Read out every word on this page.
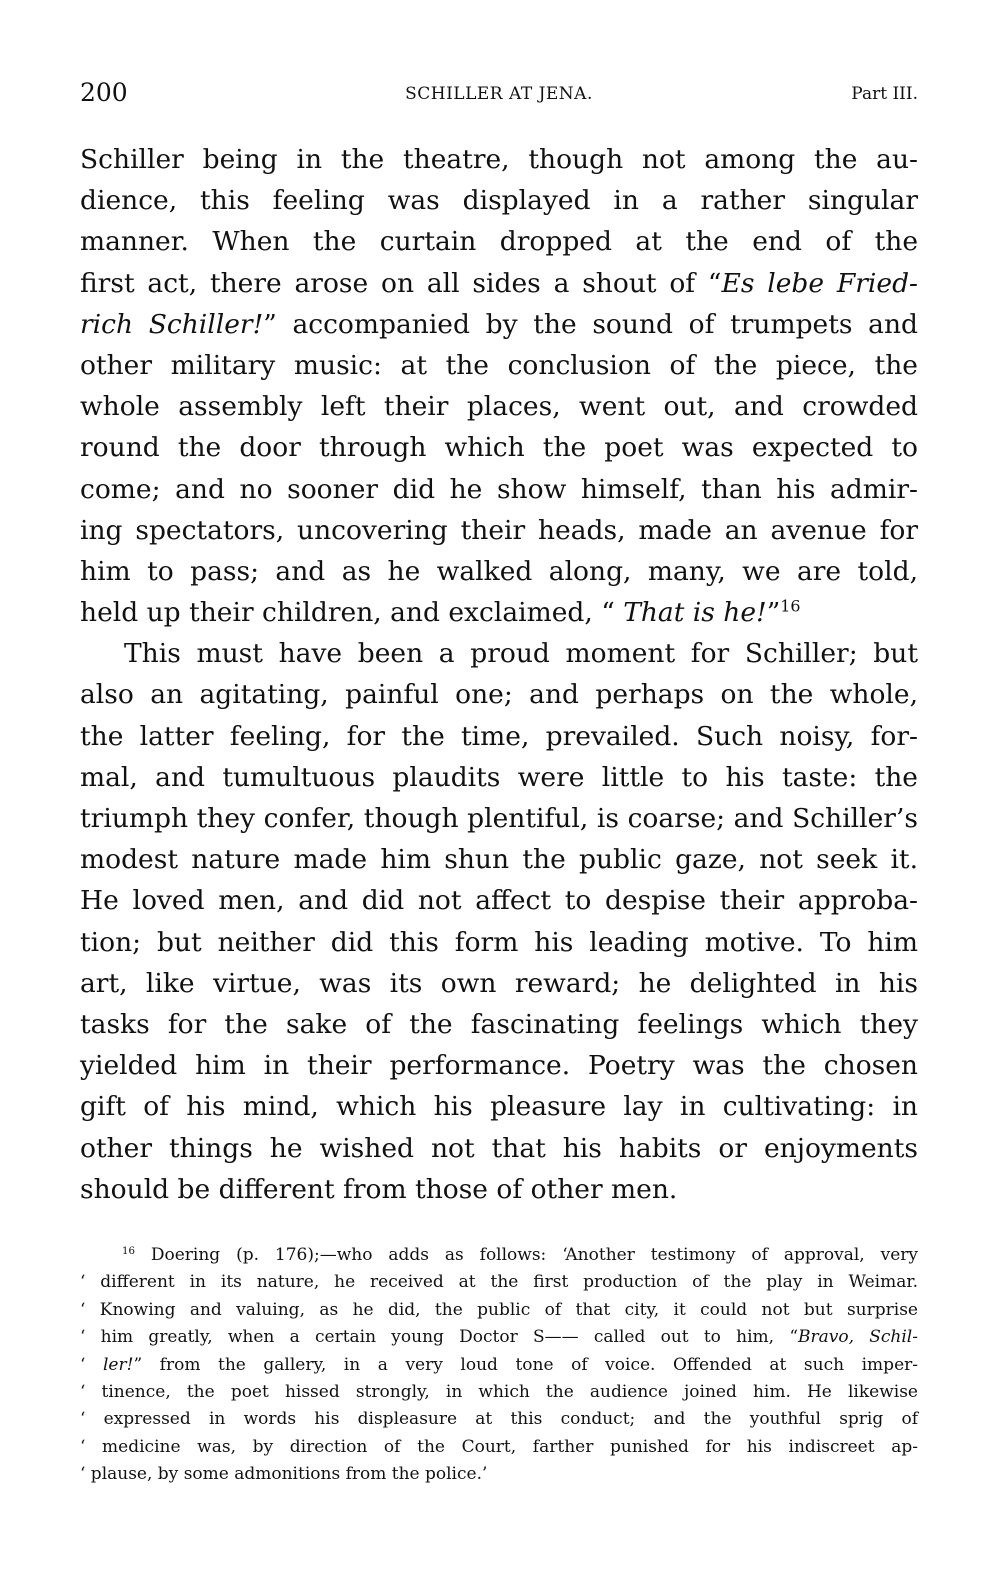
200	SCHILLER AT JENA.	Part III.
Schiller being in the theatre, though not among the au-
dience, this feeling was displayed in a rather singular
manner. When the curtain dropped at the end of the
first act, there arose on all sides a shout of “Es lebe Fried-
rich Schiller!” accompanied by the sound of trumpets and
other military music: at the conclusion of the piece, the
whole assembly left their places, went out, and crowded
round the door through which the poet was expected to
come; and no sooner did he show himself, than his admir-
ing spectators, uncovering their heads, made an avenue for
him to pass; and as he walked along, many, we are told,
held up their children, and exclaimed, “ That is he!”$^{16}$
This must have been a proud moment for Schiller; but
also an agitating, painful one; and perhaps on the whole,
the latter feeling, for the time, prevailed. Such noisy, for-
mal, and tumultuous plaudits were little to his taste: the
triumph they confer, though plentiful, is coarse; and Schiller’s
modest nature made him shun the public gaze, not seek it.
He loved men, and did not affect to despise their approba-
tion; but neither did this form his leading motive. To him
art, like virtue, was its own reward; he delighted in his
tasks for the sake of the fascinating feelings which they
yielded him in their performance. Poetry was the chosen
gift of his mind, which his pleasure lay in cultivating: in
other things he wished not that his habits or enjoyments
should be different from those of other men.
$^{16}$ Doering (p. 176);—who adds as follows: ‘Another testimony of approval, very
‘ different in its nature, he received at the first production of the play in Weimar.
‘ Knowing and valuing, as he did, the public of that city, it could not but surprise
‘ him greatly, when a certain young Doctor S—— called out to him, “Bravo, Schil-
‘ ler!” from the gallery, in a very loud tone of voice. Offended at such imper-
‘ tinence, the poet hissed strongly, in which the audience joined him. He likewise
‘ expressed in words his displeasure at this conduct; and the youthful sprig of
‘ medicine was, by direction of the Court, farther punished for his indiscreet ap-
‘ plause, by some admonitions from the police.’
